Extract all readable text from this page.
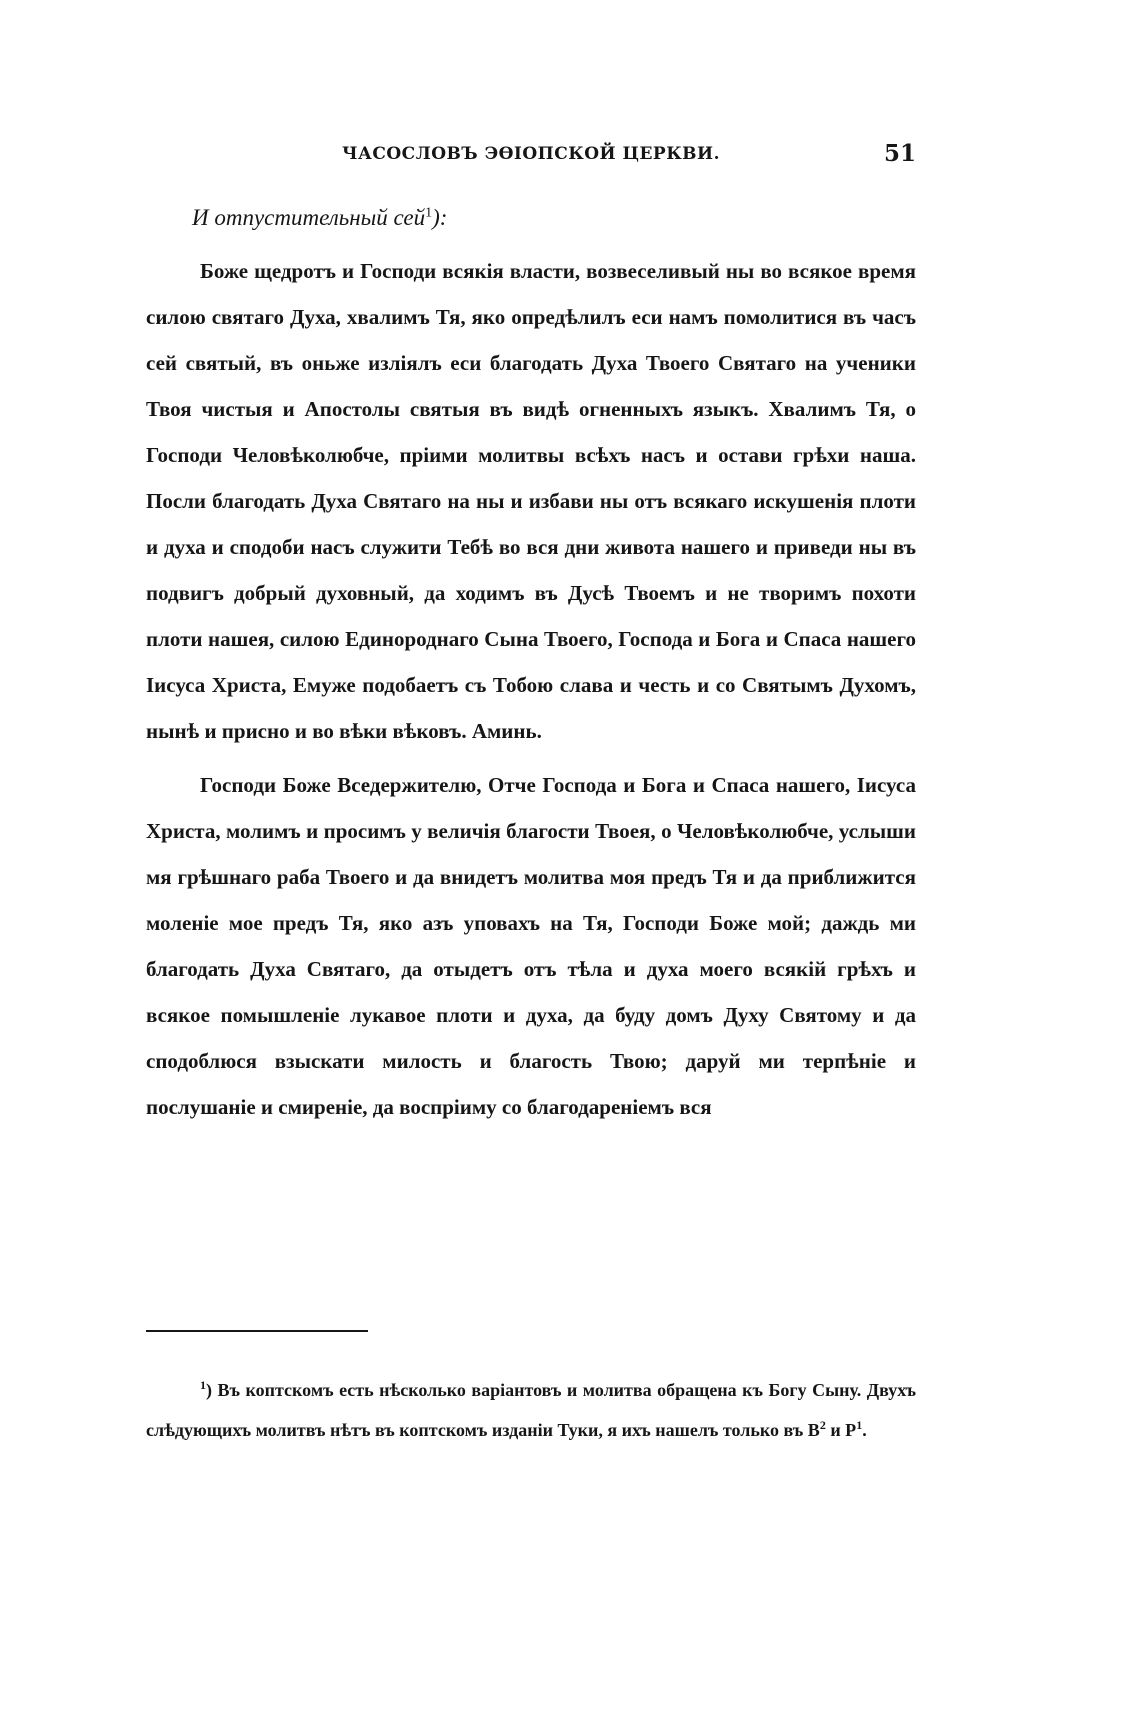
ЧАСОСЛОВЪ ЭӨІОПСКОЙ ЦЕРКВИ.	51
И отпустительный сей$^1$):

Боже щедротъ и Господи всякія власти, возвеселивый ны во всякое время силою святаго Духа, хвалимъ Тя, яко опредѣлилъ еси намъ помолитися въ часъ сей святый, въ оньже изліялъ еси благодать Духа Твоего Святаго на ученики Твоя чистыя и Апостолы святыя въ видѣ огненныхъ языкъ. Хвалимъ Тя, о Господи Человѣколюбче, пріими молитвы всѣхъ насъ и остави грѣхи наша. Посли благодать Духа Святаго на ны и избави ны отъ всякаго искушенія плоти и духа и сподоби насъ служити Тебѣ во вся дни живота нашего и приведи ны въ подвигъ добрый духовный, да ходимъ въ Дусѣ Твоемъ и не творимъ похоти плоти нашея, силою Единороднаго Сына Твоего, Господа и Бога и Спаса нашего Іисуса Христа, Емуже подобаетъ съ Тобою слава и честь и со Святымъ Духомъ, нынѣ и присно и во вѣки вѣковъ. Аминь.

Господи Боже Вседержителю, Отче Господа и Бога и Спаса нашего, Іисуса Христа, молимъ и просимъ у величія благости Твоея, о Человѣколюбче, услыши мя грѣшнаго раба Твоего и да внидетъ молитва моя предъ Тя и да приближится моленіе мое предъ Тя, яко азъ уповахъ на Тя, Господи Боже мой; даждь ми благодать Духа Святаго, да отыдетъ отъ тѣла и духа моего всякій грѣхъ и всякое помышленіе лукавое плоти и духа, да буду домъ Духу Святому и да сподоблюся взыскати милость и благость Твою; даруй ми терпѣніе и послушаніе и смиреніе, да воспріиму со благодареніемъ вся

$^1$) Въ коптскомъ есть нѣсколько варіантовъ и молитва обращена къ Богу Сыну. Двухъ слѣдующихъ молитвъ нѣтъ въ коптскомъ изданіи Туки, я ихъ нашелъ только въ $В^2$ и $Р^1$.
